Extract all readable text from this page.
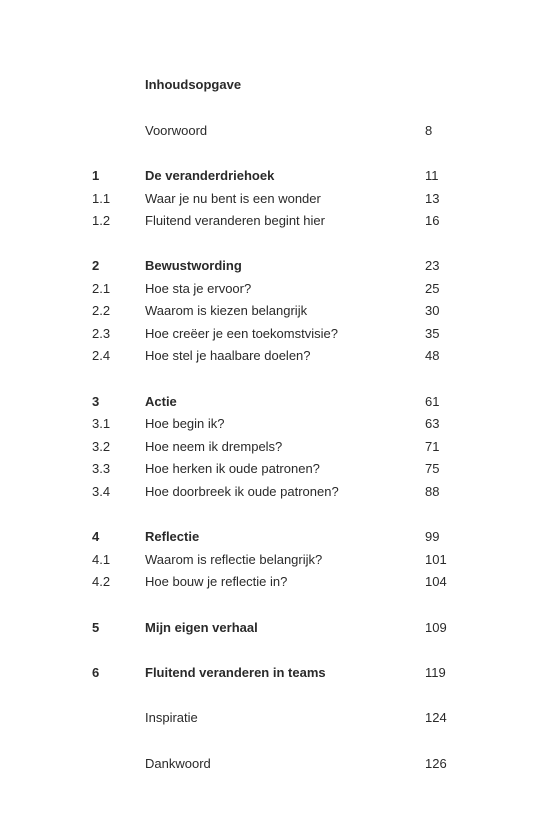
Inhoudsopgave
Voorwoord	8
1	De veranderdriehoek	11
1.1	Waar je nu bent is een wonder	13
1.2	Fluitend veranderen begint hier	16
2	Bewustwording	23
2.1	Hoe sta je ervoor?	25
2.2	Waarom is kiezen belangrijk	30
2.3	Hoe creëer je een toekomstvisie?	35
2.4	Hoe stel je haalbare doelen?	48
3	Actie	61
3.1	Hoe begin ik?	63
3.2	Hoe neem ik drempels?	71
3.3	Hoe herken ik oude patronen?	75
3.4	Hoe doorbreek ik oude patronen?	88
4	Reflectie	99
4.1	Waarom is reflectie belangrijk?	101
4.2	Hoe bouw je reflectie in?	104
5	Mijn eigen verhaal	109
6	Fluitend veranderen in teams	119
Inspiratie	124
Dankwoord	126
